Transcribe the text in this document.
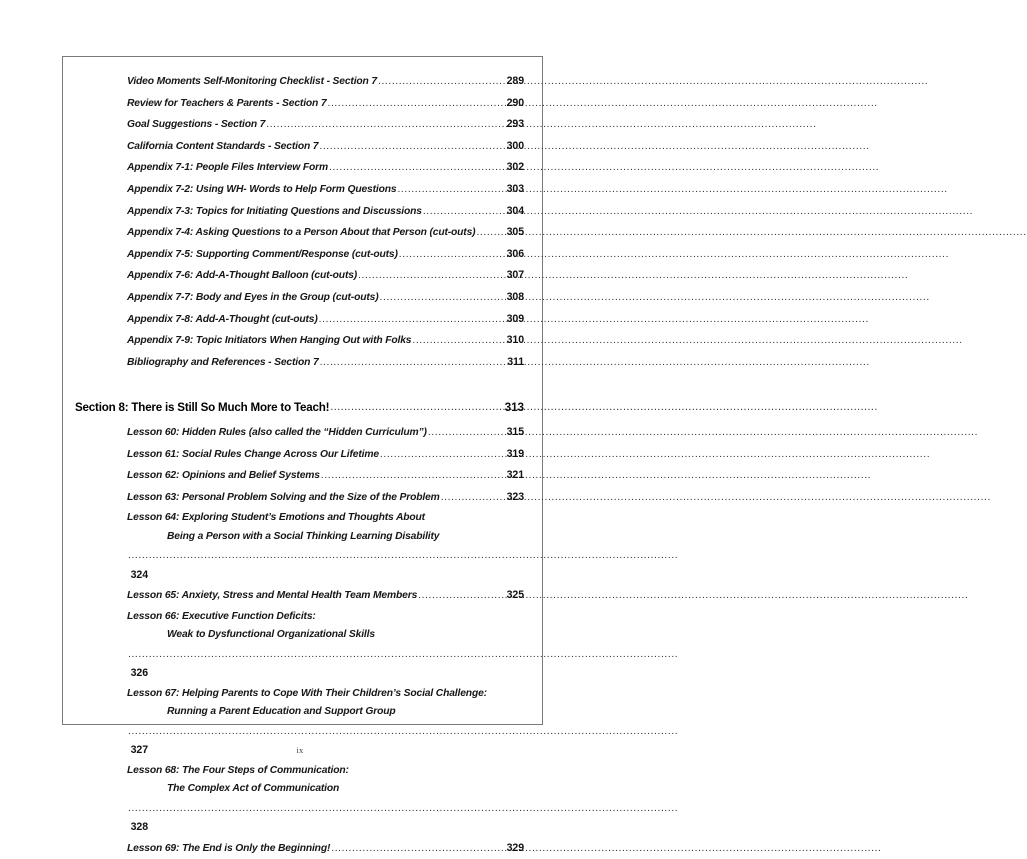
Video Moments Self-Monitoring Checklist - Section 7 .....	289
Review for Teachers & Parents - Section 7 .....	290
Goal Suggestions - Section 7 .....	293
California Content Standards - Section 7 .....	300
Appendix 7-1: People Files Interview Form .....	302
Appendix 7-2: Using WH- Words to Help Form Questions .....	303
Appendix 7-3: Topics for Initiating Questions and Discussions .....	304
Appendix 7-4: Asking Questions to a Person About that Person (cut-outs) .....	305
Appendix 7-5: Supporting Comment/Response (cut-outs) .....	306
Appendix 7-6: Add-A-Thought Balloon (cut-outs) .....	307
Appendix 7-7: Body and Eyes in the Group (cut-outs) .....	308
Appendix 7-8: Add-A-Thought (cut-outs) .....	309
Appendix 7-9: Topic Initiators When Hanging Out with Folks .....	310
Bibliography and References - Section 7 .....	311
Section 8: There is Still So Much More to Teach! .....	313
Lesson 60: Hidden Rules (also called the “Hidden Curriculum”) .....	315
Lesson 61: Social Rules Change Across Our Lifetime .....	319
Lesson 62: Opinions and Belief Systems .....	321
Lesson 63: Personal Problem Solving and the Size of the Problem .....	323
Lesson 64: Exploring Student’s Emotions and Thoughts About
Being a Person with a Social Thinking Learning Disability
.....
324
Lesson 65: Anxiety, Stress and Mental Health Team Members .....	325
Lesson 66: Executive Function Deficits:
Weak to Dysfunctional Organizational Skills
.....
326
Lesson 67: Helping Parents to Cope With Their Children’s Social Challenge:
Running a Parent Education and Support Group
.....
327
Lesson 68: The Four Steps of Communication:
The Complex Act of Communication
.....
328
Lesson 69: The End is Only the Beginning! .....	329
ix
